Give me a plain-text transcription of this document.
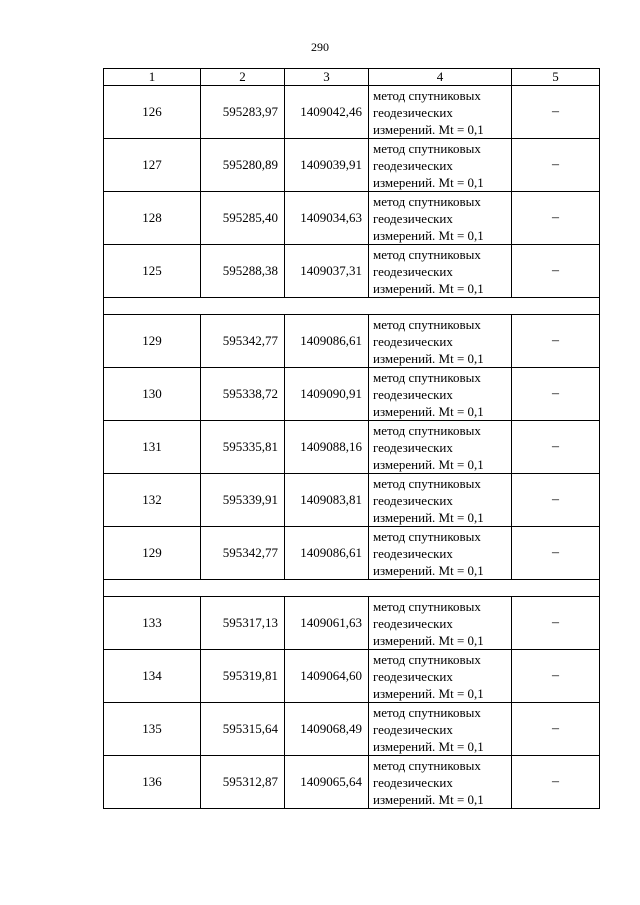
290
1	2	3	4	5
126	595283,97	1409042,46	метод спутниковых
геодезических
измерений. Mt = 0,1	–
127	595280,89	1409039,91	метод спутниковых
геодезических
измерений. Mt = 0,1	–
128	595285,40	1409034,63	метод спутниковых
геодезических
измерений. Mt = 0,1	–
125	595288,38	1409037,31	метод спутниковых
геодезических
измерений. Mt = 0,1	–

129	595342,77	1409086,61	метод спутниковых
геодезических
измерений. Mt = 0,1	–
130	595338,72	1409090,91	метод спутниковых
геодезических
измерений. Mt = 0,1	–
131	595335,81	1409088,16	метод спутниковых
геодезических
измерений. Mt = 0,1	–
132	595339,91	1409083,81	метод спутниковых
геодезических
измерений. Mt = 0,1	–
129	595342,77	1409086,61	метод спутниковых
геодезических
измерений. Mt = 0,1	–

133	595317,13	1409061,63	метод спутниковых
геодезических
измерений. Mt = 0,1	–
134	595319,81	1409064,60	метод спутниковых
геодезических
измерений. Mt = 0,1	–
135	595315,64	1409068,49	метод спутниковых
геодезических
измерений. Mt = 0,1	–
136	595312,87	1409065,64	метод спутниковых
геодезических
измерений. Mt = 0,1	–
